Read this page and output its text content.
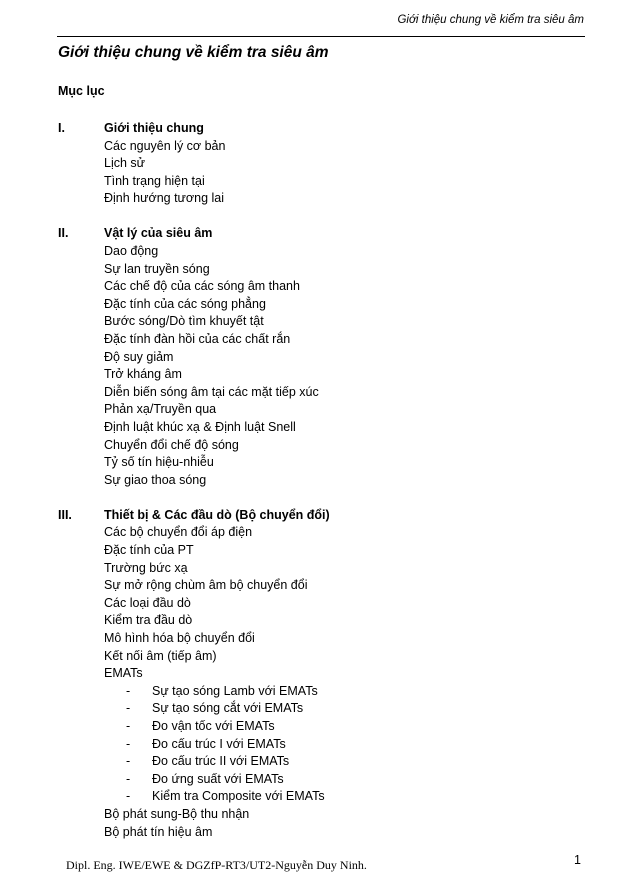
Giới thiệu chung về kiểm tra siêu âm
Giới thiệu chung về kiểm tra siêu âm
Mục lục
I.	Giới thiệu chung
Các nguyên lý cơ bản
Lịch sử
Tình trạng hiện tại
Định hướng tương lai
II.	Vật lý của siêu âm
Dao động
Sự lan truyền sóng
Các chế độ của các sóng âm thanh
Đặc tính của các sóng phẳng
Bước sóng/Dò tìm khuyết tật
Đặc tính đàn hồi của các chất rắn
Độ suy giảm
Trở kháng âm
Diễn biến sóng âm tại các mặt tiếp xúc
Phản xạ/Truyền qua
Định luật khúc xạ & Định luật Snell
Chuyển đổi chế độ sóng
Tỷ số tín hiệu-nhiễu
Sự giao thoa sóng
III.	Thiết bị & Các đầu dò (Bộ chuyển đổi)
Các bộ chuyển đổi áp điện
Đặc tính của PT
Trường bức xạ
Sự mở rộng chùm âm bộ chuyển đổi
Các loại đầu dò
Kiểm tra đầu dò
Mô hình hóa bộ chuyển đổi
Kết nối âm (tiếp âm)
EMATs
- Sự tạo sóng Lamb với EMATs
- Sự tạo sóng cắt với EMATs
- Đo vận tốc với EMATs
- Đo cấu trúc I với EMATs
- Đo cấu trúc II với EMATs
- Đo ứng suất với EMATs
- Kiểm tra Composite với EMATs
Bộ phát sung-Bộ thu nhận
Bộ phát tín hiệu âm
Dipl. Eng. IWE/EWE & DGZfP-RT3/UT2-Nguyễn Duy Ninh.	1
